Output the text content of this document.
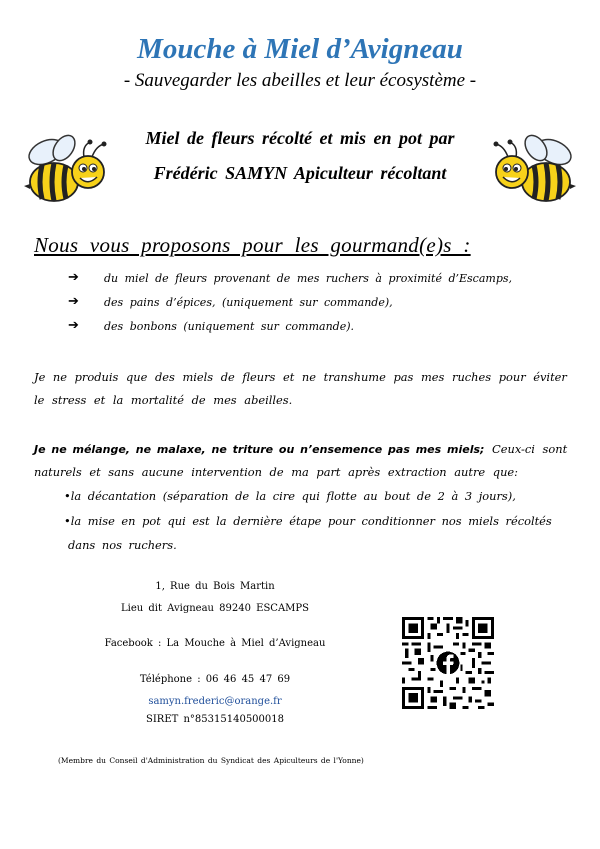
Mouche à Miel d’Avigneau
- Sauvegarder les abeilles et leur écosystème -
Miel de fleurs récolté et mis en pot par
Frédéric SAMYN Apiculteur récoltant
Nous vous proposons pour les gourmand(e)s :
➔ du miel de fleurs provenant de mes ruchers à proximité d’Escamps,
➔ des pains d’épices, (uniquement sur commande),
➔ des bonbons (uniquement sur commande).
Je ne produis que des miels de fleurs et ne transhume pas mes ruches pour éviter
le stress et la mortalité de mes abeilles.
Je ne mélange, ne malaxe, ne triture ou n’ensemence pas mes miels; Ceux-ci sont
naturels et sans aucune intervention de ma part après extraction autre que:
•la décantation (séparation de la cire qui flotte au bout de 2 à 3 jours),
•la mise en pot qui est la dernière étape pour conditionner nos miels récoltés
dans nos ruchers.
1, Rue du Bois Martin
Lieu dit Avigneau 89240 ESCAMPS
Facebook : La Mouche à Miel d’Avigneau
Téléphone : 06 46 45 47 69
samyn.frederic@orange.fr
SIRET n°85315140500018
(Membre du Conseil d'Administration du Syndicat des Apiculteurs de l'Yonne)
